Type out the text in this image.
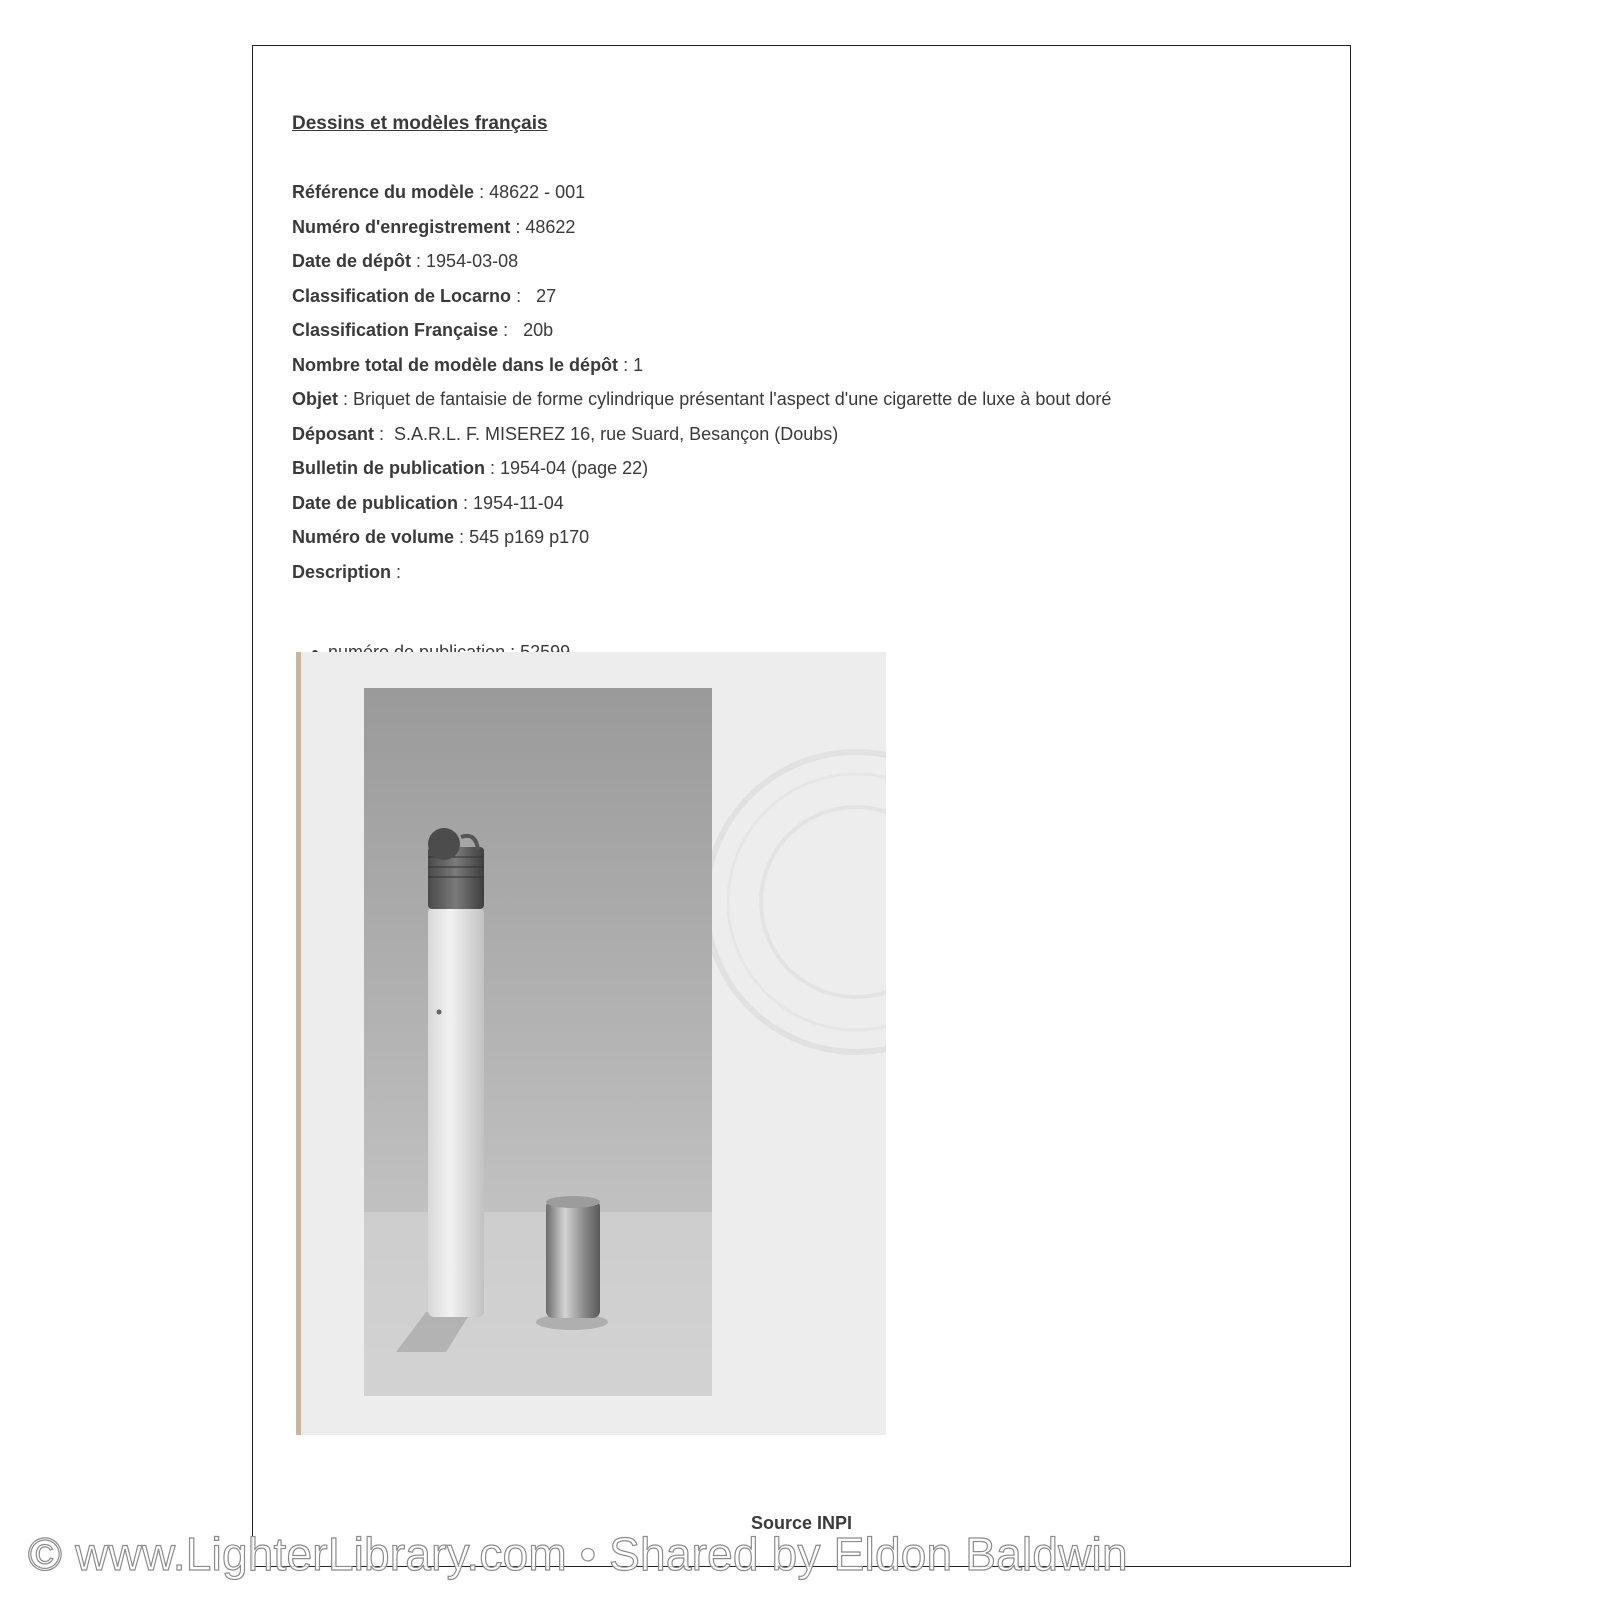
Dessins et modèles français
Référence du modèle : 48622 - 001
Numéro d'enregistrement : 48622
Date de dépôt : 1954-03-08
Classification de Locarno :   27
Classification Française :   20b
Nombre total de modèle dans le dépôt : 1
Objet : Briquet de fantaisie de forme cylindrique présentant l'aspect d'une cigarette de luxe à bout doré
Déposant :  S.A.R.L. F. MISEREZ 16, rue Suard, Besançon (Doubs)
Bulletin de publication : 1954-04 (page 22)
Date de publication : 1954-11-04
Numéro de volume : 545 p169 p170
Description :
Source INPI
© www.LighterLibrary.com • Shared by Eldon Baldwin
